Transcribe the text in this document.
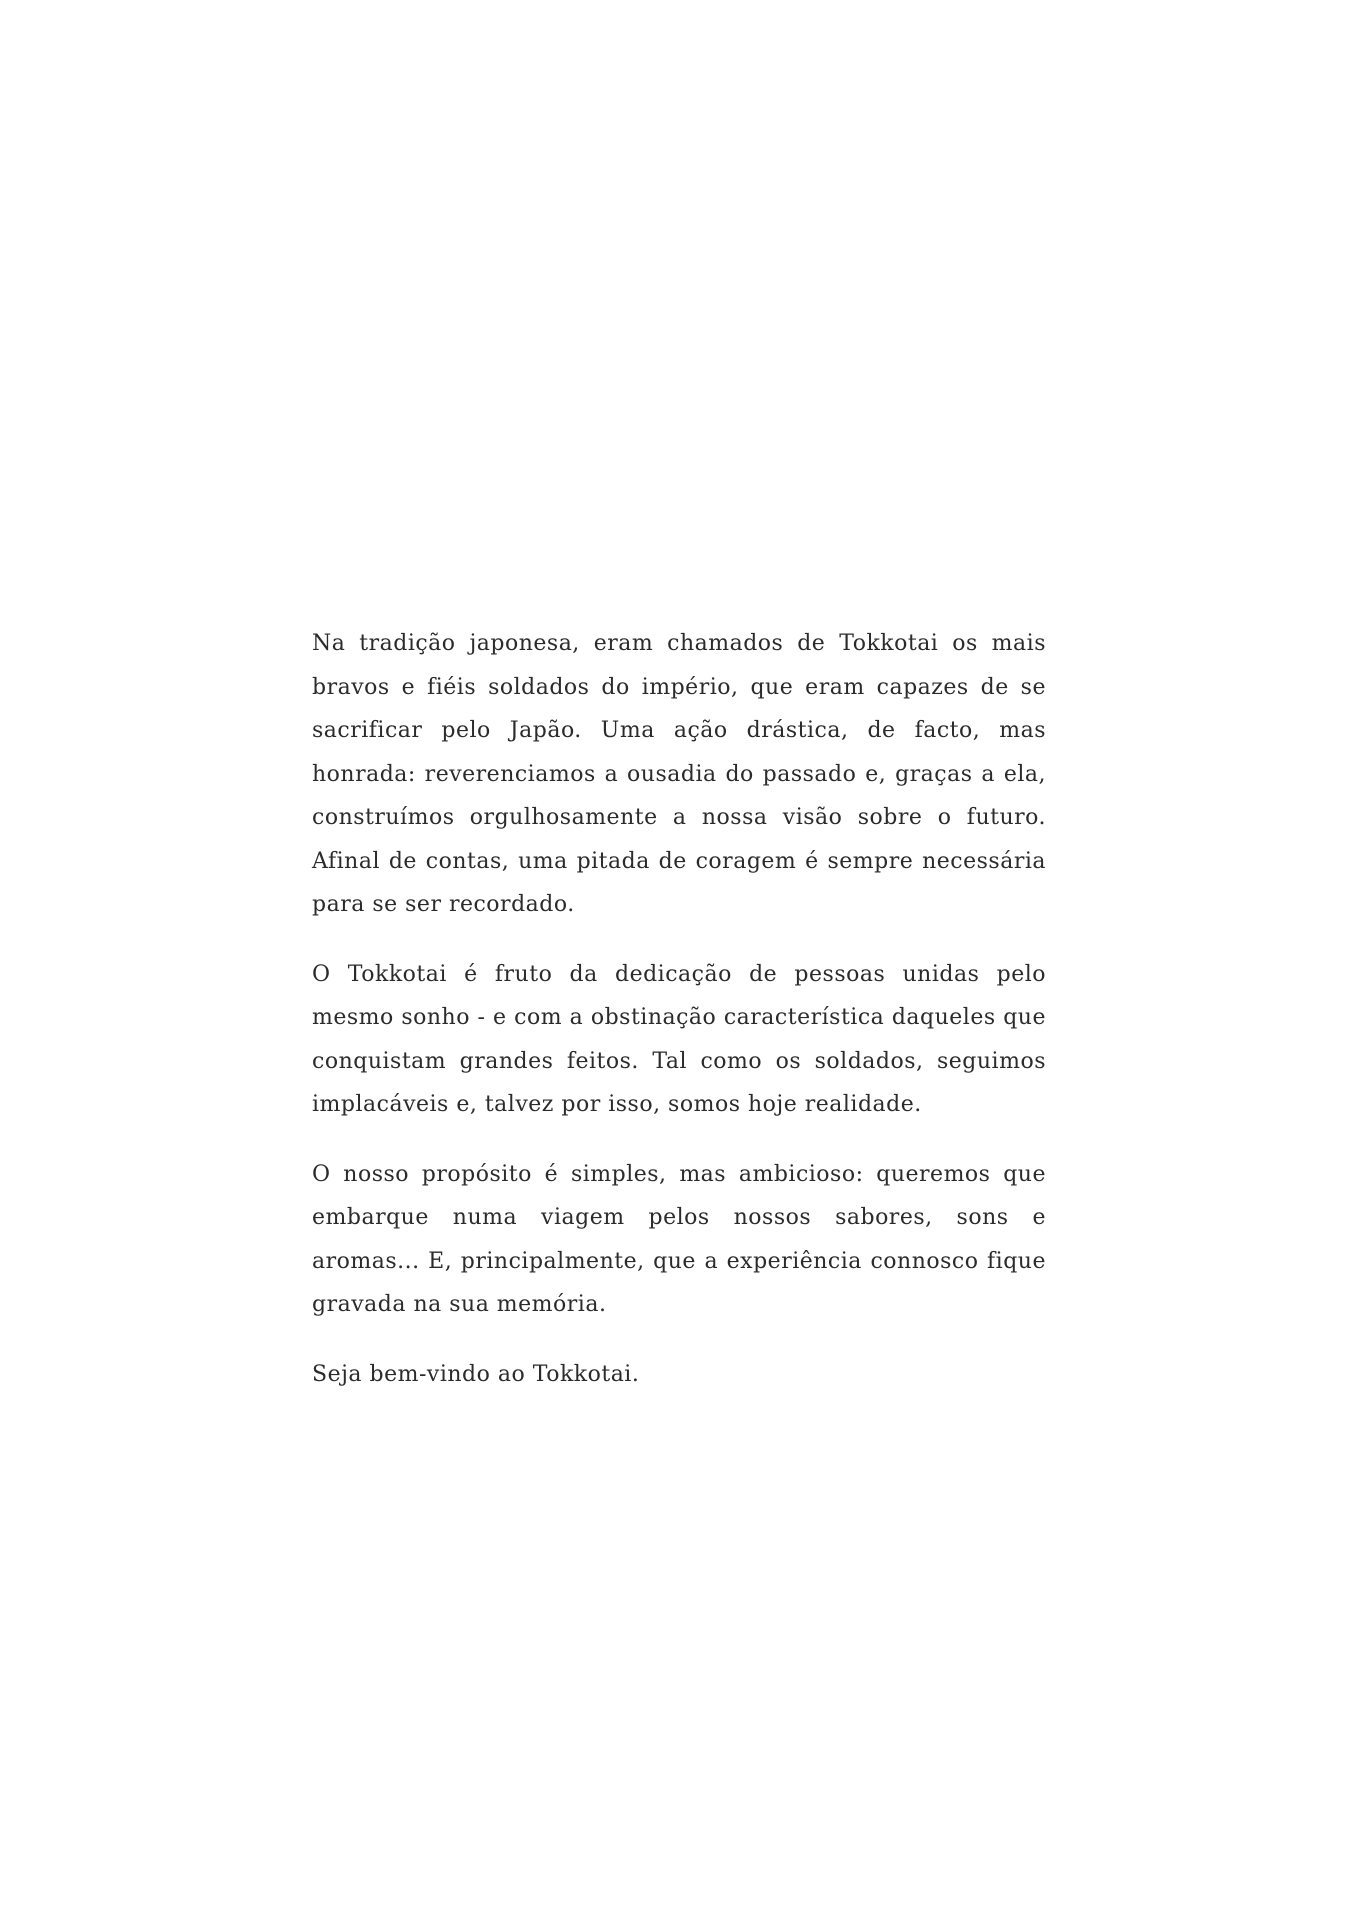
Na tradição japonesa, eram chamados de Tokkotai os mais bravos e fiéis soldados do império, que eram capazes de se sacrificar pelo Japão. Uma ação drástica, de facto, mas honrada: reverenciamos a ousadia do passado e, graças a ela, construímos orgulhosamente a nossa visão sobre o futuro. Afinal de contas, uma pitada de coragem é sempre necessária para se ser recordado.

O Tokkotai é fruto da dedicação de pessoas unidas pelo mesmo sonho - e com a obstinação característica daqueles que conquistam grandes feitos. Tal como os soldados, seguimos implacáveis e, talvez por isso, somos hoje realidade.

O nosso propósito é simples, mas ambicioso: queremos que embarque numa viagem pelos nossos sabores, sons e aromas... E, principalmente, que a experiência connosco fique gravada na sua memória.

Seja bem-vindo ao Tokkotai.
